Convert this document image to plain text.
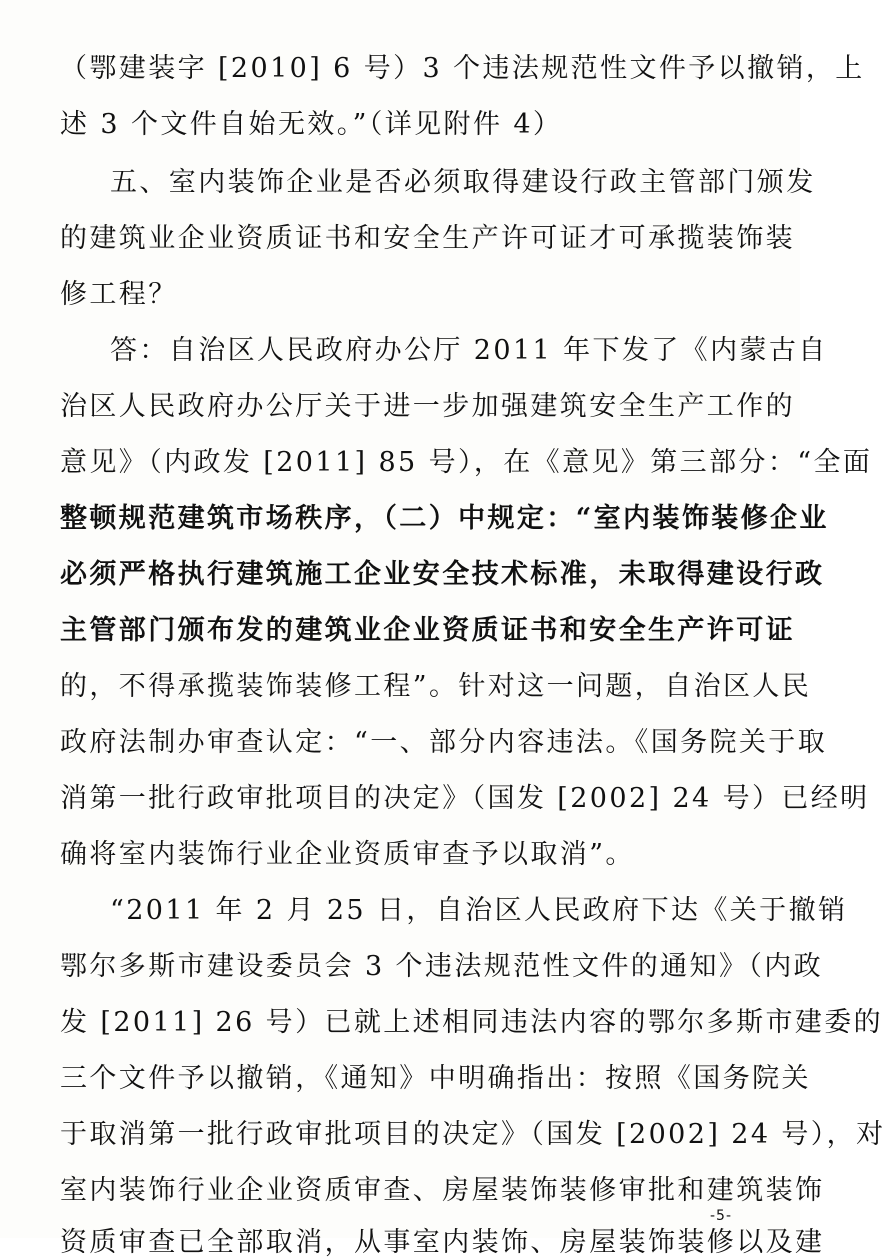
（鄂建装字 [2010] 6 号）3 个违法规范性文件予以撤销，上
述 3 个文件自始无效。”（详见附件 4）
五、室内装饰企业是否必须取得建设行政主管部门颁发
的建筑业企业资质证书和安全生产许可证才可承揽装饰装
修工程？
答：自治区人民政府办公厅 2011 年下发了《内蒙古自
治区人民政府办公厅关于进一步加强建筑安全生产工作的
意见》（内政发 [2011] 85 号），在《意见》第三部分：“全面
整顿规范建筑市场秩序，（二）中规定：“室内装饰装修企业
必须严格执行建筑施工企业安全技术标准，未取得建设行政
主管部门颁布发的建筑业企业资质证书和安全生产许可证
的，不得承揽装饰装修工程”。针对这一问题，自治区人民
政府法制办审查认定：“一、部分内容违法。《国务院关于取
消第一批行政审批项目的决定》（国发 [2002] 24 号）已经明
确将室内装饰行业企业资质审查予以取消”。
“2011 年 2 月 25 日，自治区人民政府下达《关于撤销
鄂尔多斯市建设委员会 3 个违法规范性文件的通知》（内政
发 [2011] 26 号）已就上述相同违法内容的鄂尔多斯市建委的
三个文件予以撤销，《通知》中明确指出：按照《国务院关
于取消第一批行政审批项目的决定》（国发 [2002] 24 号），对
室内装饰行业企业资质审查、房屋装饰装修审批和建筑装饰
资质审查已全部取消，从事室内装饰、房屋装饰装修以及建
-5-
